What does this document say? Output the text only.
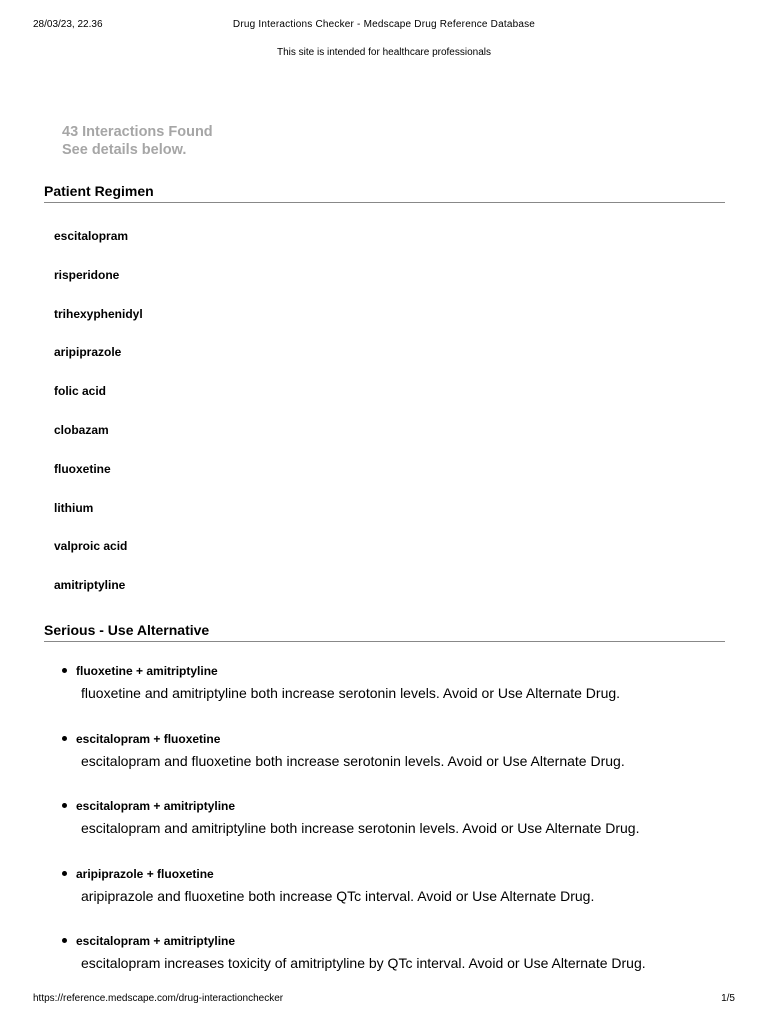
28/03/23, 22.36	Drug Interactions Checker - Medscape Drug Reference Database
This site is intended for healthcare professionals
43 Interactions Found
See details below.
Patient Regimen
escitalopram
risperidone
trihexyphenidyl
aripiprazole
folic acid
clobazam
fluoxetine
lithium
valproic acid
amitriptyline
Serious - Use Alternative
fluoxetine + amitriptyline
fluoxetine and amitriptyline both increase serotonin levels. Avoid or Use Alternate Drug.
escitalopram + fluoxetine
escitalopram and fluoxetine both increase serotonin levels. Avoid or Use Alternate Drug.
escitalopram + amitriptyline
escitalopram and amitriptyline both increase serotonin levels. Avoid or Use Alternate Drug.
aripiprazole + fluoxetine
aripiprazole and fluoxetine both increase QTc interval. Avoid or Use Alternate Drug.
escitalopram + amitriptyline
escitalopram increases toxicity of amitriptyline by QTc interval. Avoid or Use Alternate Drug.
https://reference.medscape.com/drug-interactionchecker	1/5
